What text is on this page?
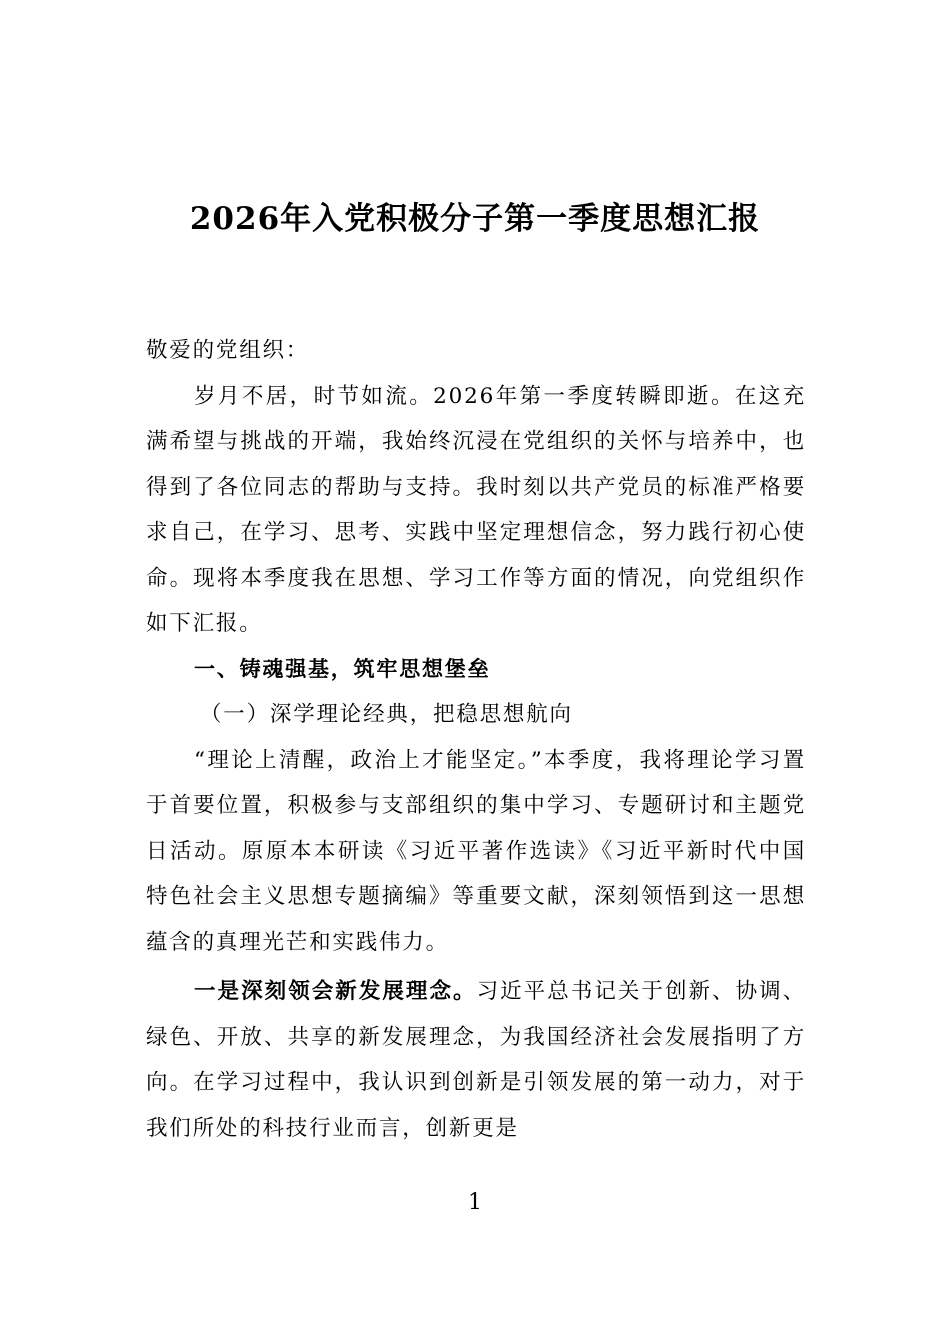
2026年入党积极分子第一季度思想汇报

敬爱的党组织：

岁月不居，时节如流。2026年第一季度转瞬即逝。在这充满希望与挑战的开端，我始终沉浸在党组织的关怀与培养中，也得到了各位同志的帮助与支持。我时刻以共产党员的标准严格要求自己，在学习、思考、实践中坚定理想信念，努力践行初心使命。现将本季度我在思想、学习工作等方面的情况，向党组织作如下汇报。

一、铸魂强基，筑牢思想堡垒

（一）深学理论经典，把稳思想航向

“理论上清醒，政治上才能坚定。”本季度，我将理论学习置于首要位置，积极参与支部组织的集中学习、专题研讨和主题党日活动。原原本本研读《习近平著作选读》《习近平新时代中国特色社会主义思想专题摘编》等重要文献，深刻领悟到这一思想蕴含的真理光芒和实践伟力。

一是深刻领会新发展理念。习近平总书记关于创新、协调、绿色、开放、共享的新发展理念，为我国经济社会发展指明了方向。在学习过程中，我认识到创新是引领发展的第一动力，对于我们所处的科技行业而言，创新更是

1
